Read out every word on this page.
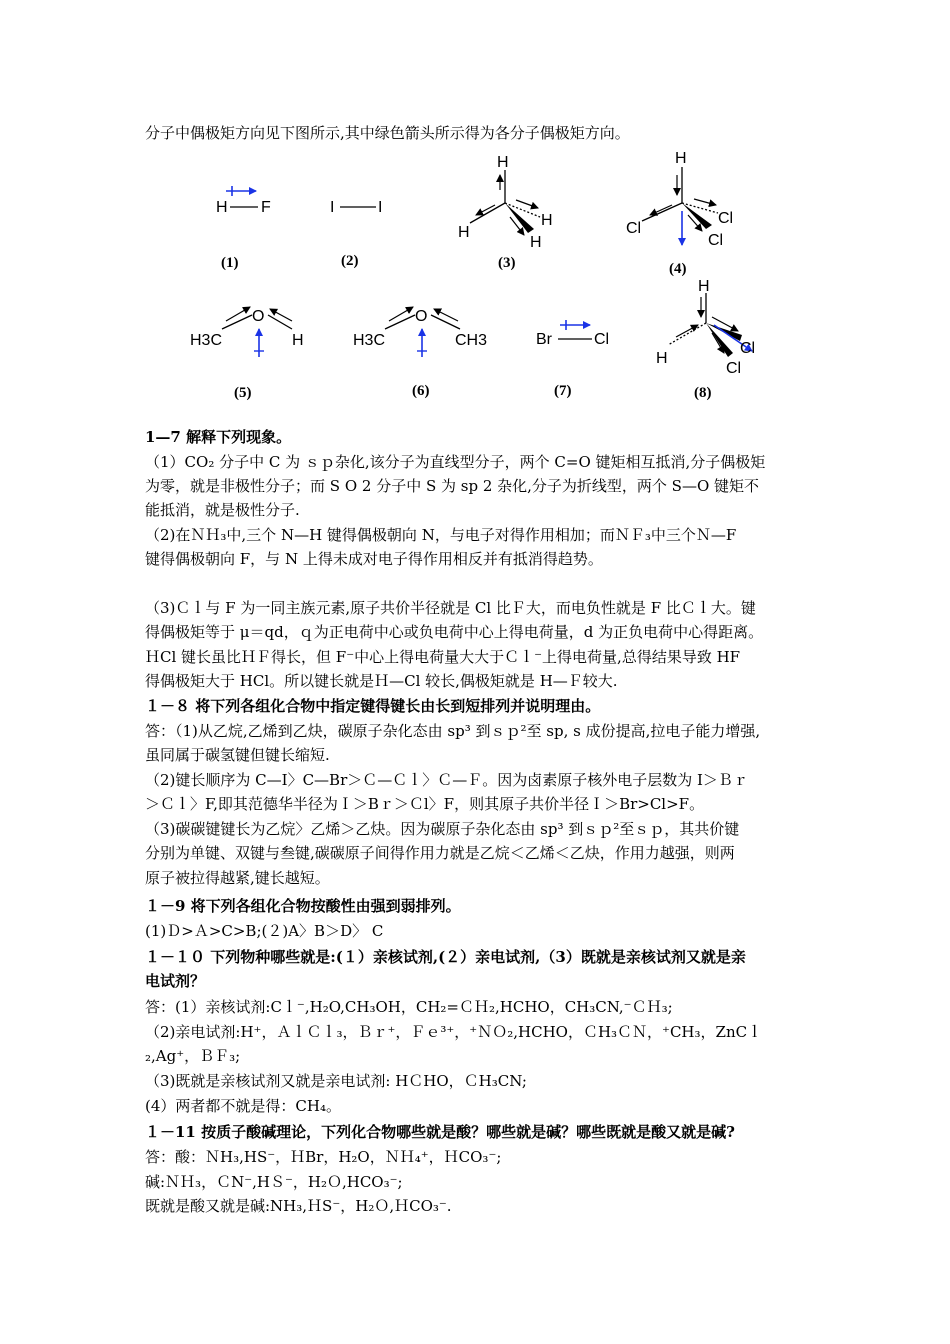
分子中偶极矩方向见下图所示,其中绿色箭头所示得为各分子偶极矩方向。
H F	I	I
H
H
H
H
H
Cl
Cl
Cl
H3C
O
H	H3C
O
CH3	Br	Cl
H
H
Cl
Cl
(1)	(2)	(3)	(4)
(5)	(6)	(7)	(8)
1—7 解释下列现象。
（1）CO₂ 分子中 C 为 ｓｐ杂化,该分子为直线型分子，两个 C=O 键矩相互抵消,分子偶极矩
为零，就是非极性分子；而 S O 2 分子中 S 为 sp 2 杂化,分子为折线型，两个 S—O 键矩不
能抵消，就是极性分子.
（2)在ＮＨ₃中,三个 N—H 键得偶极朝向 N，与电子对得作用相加；而ＮＦ₃中三个Ｎ—F
键得偶极朝向 F，与 N 上得未成对电子得作用相反并有抵消得趋势。
（3)Ｃｌ与 F 为一同主族元素,原子共价半径就是 Cl 比Ｆ大，而电负性就是 F 比Ｃｌ大。键
得偶极矩等于 μ＝qd，ｑ为正电荷中心或负电荷中心上得电荷量，d 为正负电荷中心得距离。
ＨCl 键长虽比ＨＦ得长，但 F⁻中心上得电荷量大大于Ｃｌ⁻上得电荷量,总得结果导致 HF
得偶极矩大于 HCl。所以键长就是Ｈ—Cl 较长,偶极矩就是 H—Ｆ较大.
１－８ 将下列各组化合物中指定键得键长由长到短排列并说明理由。
答：（1)从乙烷,乙烯到乙炔，碳原子杂化态由 sp³ 到ｓｐ²至 sp, s 成份提高,拉电子能力增强,
虽同属于碳氢键但键长缩短.
（2)键长顺序为 C—I〉C—Br＞Ｃ—Ｃｌ〉Ｃ—Ｆ。因为卤素原子核外电子层数为 I＞Ｂｒ
＞Ｃｌ〉F,即其范德华半径为Ｉ＞Bｒ＞Ｃl〉F，则其原子共价半径Ｉ＞Br>Cl>F。
（3)碳碳键键长为乙烷〉乙烯＞乙炔。因为碳原子杂化态由 sp³ 到ｓｐ²至ｓｐ，其共价键
分别为单键、双键与叁键,碳碳原子间得作用力就是乙烷＜乙烯＜乙炔，作用力越强，则两
原子被拉得越紧,键长越短。
１－9 将下列各组化合物按酸性由强到弱排列。
(1)Ｄ>Ａ>C>B;(２)A〉B＞D〉 C
１－１０ 下列物种哪些就是:(１）亲核试剂,(２）亲电试剂,（3）既就是亲核试剂又就是亲
电试剂？
答：(1）亲核试剂:Cｌ⁻,H₂O,CH₃OH，CH₂=ＣＨ₂,HCHO，CH₃CN,⁻ＣＨ₃;
（2)亲电试剂:H⁺，ＡｌＣｌ₃，Ｂｒ⁺，Ｆｅ³⁺，⁺ＮＯ₂,HCHO，ＣH₃ＣＮ，⁺CH₃，ZnCｌ
₂,Ag⁺，ＢＦ₃;
（3)既就是亲核试剂又就是亲电试剂: HＣHO，ＣH₃CN;
(4）两者都不就是得：CH₄。
１－11 按质子酸碱理论，下列化合物哪些就是酸？哪些就是碱？哪些既就是酸又就是碱?
答：酸：ＮH₃,HS⁻，ＨBr，H₂O，ＮＨ₄⁺，ＨCO₃⁻;
碱:ＮＨ₃，ＣN⁻,HＳ⁻，H₂Ｏ,HCO₃⁻;
既就是酸又就是碱:NH₃,ＨS⁻，H₂Ｏ,ＨCO₃⁻.
